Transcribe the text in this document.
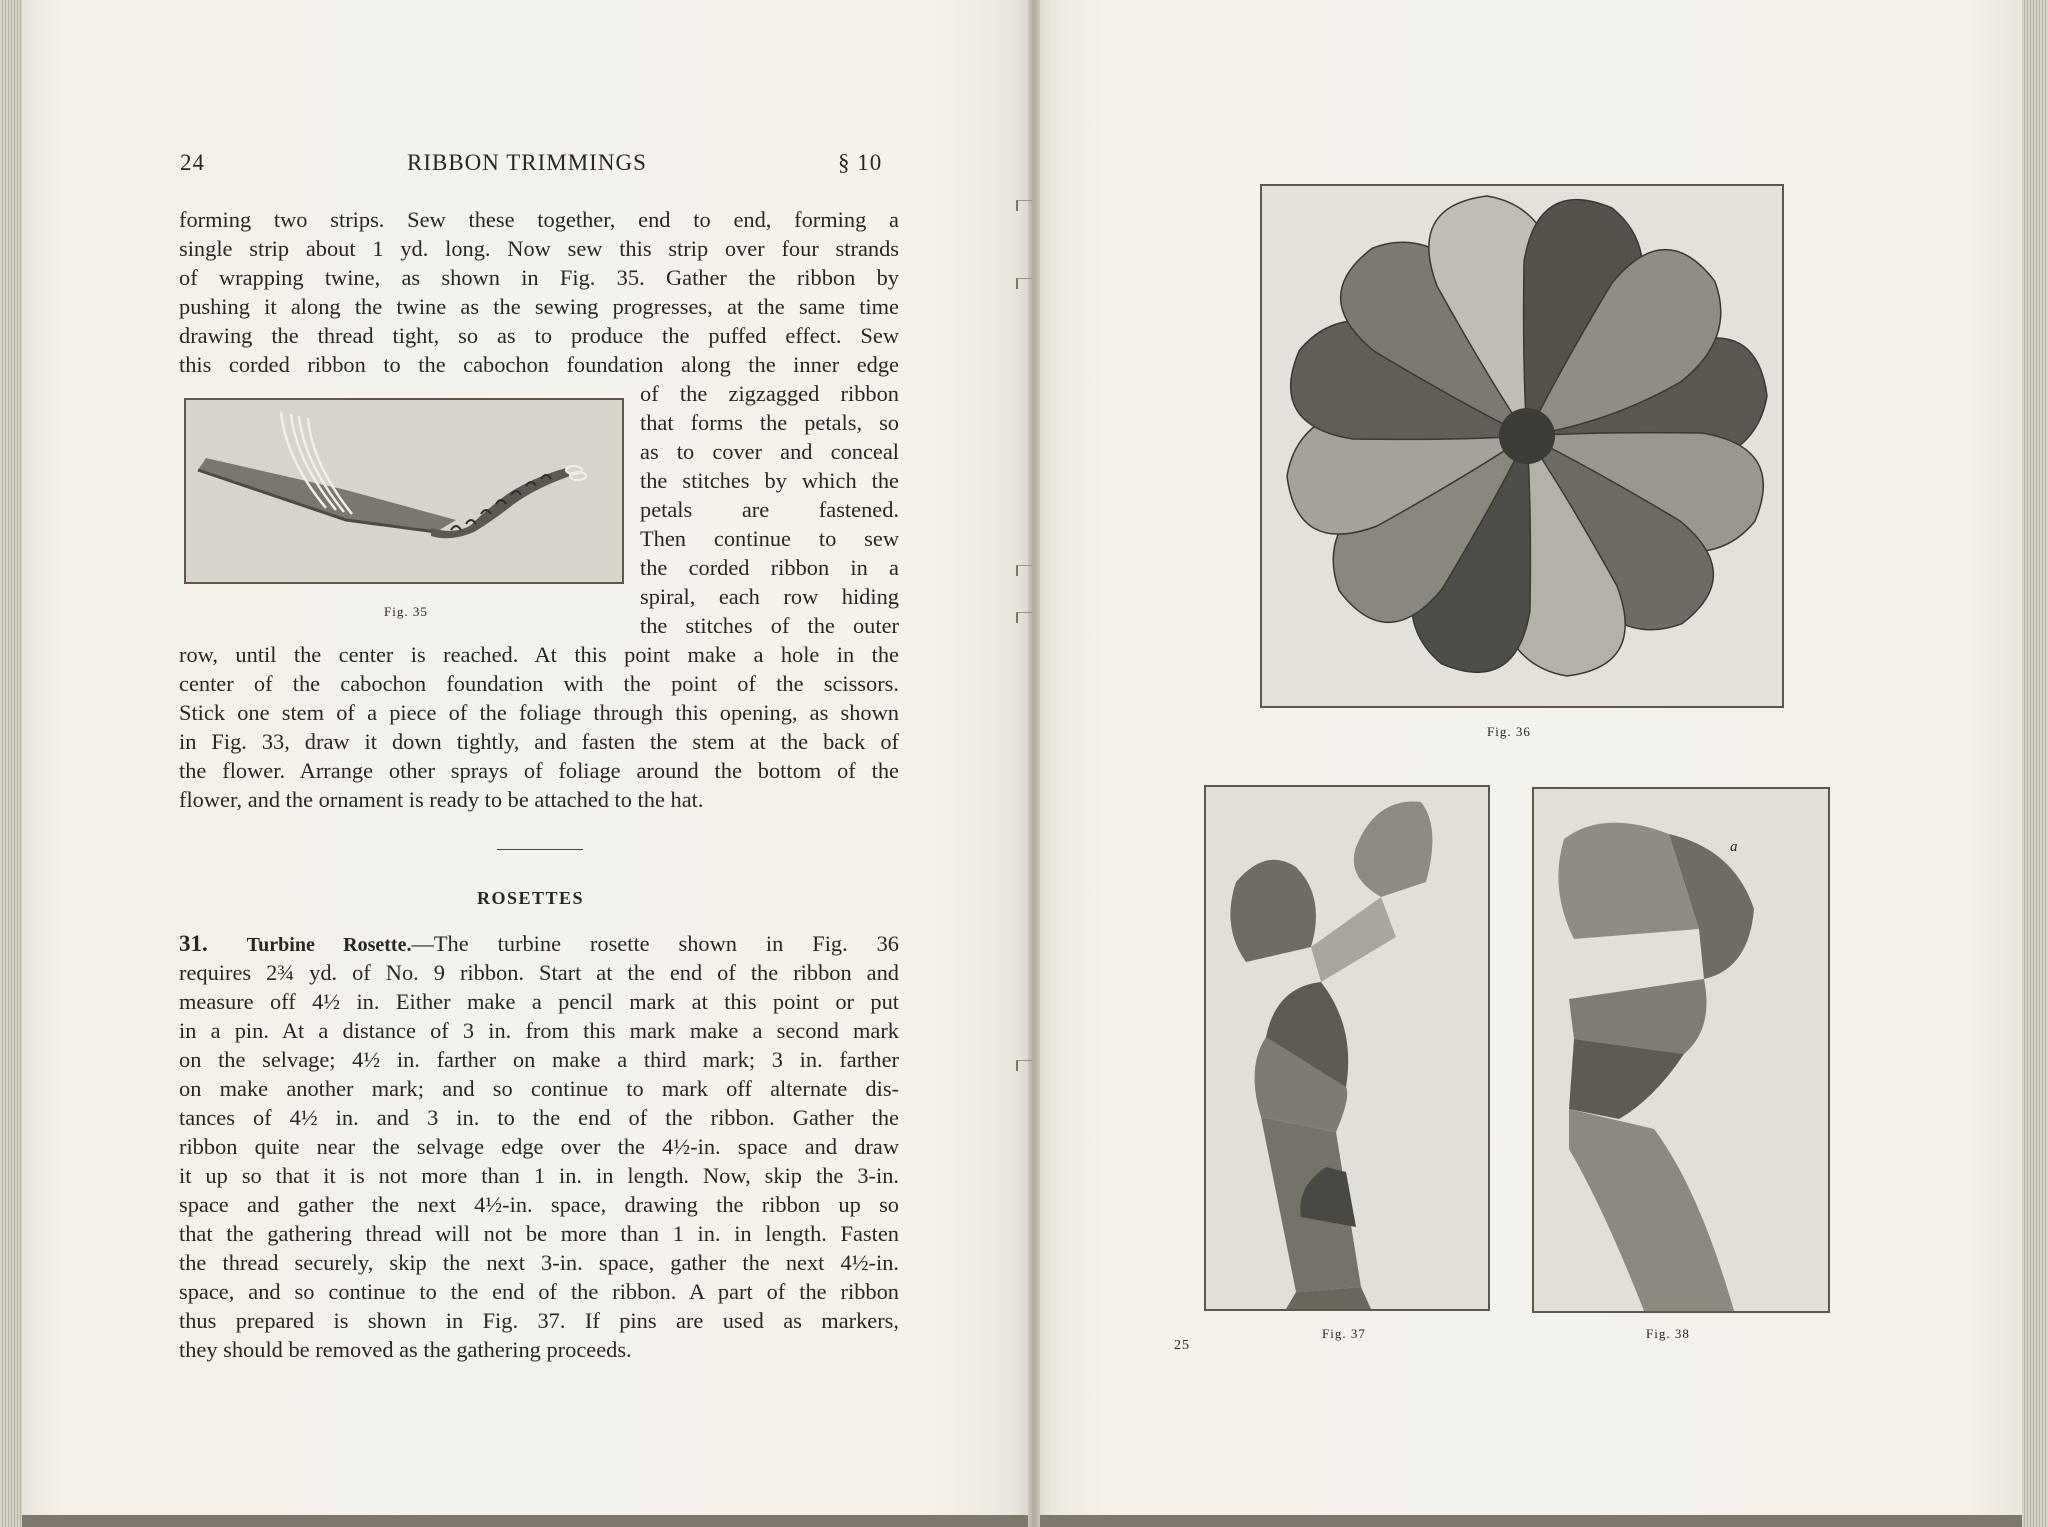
24	RIBBON TRIMMINGS	§ 10
forming two strips. Sew these together, end to end, forming a
single strip about 1 yd. long. Now sew this strip over four strands
of wrapping twine, as shown in Fig. 35. Gather the ribbon by
pushing it along the twine as the sewing progresses, at the same time
drawing the thread tight, so as to produce the puffed effect. Sew
this corded ribbon to the cabochon foundation along the inner edge
Fig. 35
of the zigzagged ribbon
that forms the petals, so
as to cover and conceal
the stitches by which the
petals are fastened.
Then continue to sew
the corded ribbon in a
spiral, each row hiding
the stitches of the outer
row, until the center is reached. At this point make a hole in the
center of the cabochon foundation with the point of the scissors.
Stick one stem of a piece of the foliage through this opening, as shown
in Fig. 33, draw it down tightly, and fasten the stem at the back of
the flower. Arrange other sprays of foliage around the bottom of the
flower, and the ornament is ready to be attached to the hat.
ROSETTES
31. Turbine Rosette.—The turbine rosette shown in Fig. 36
requires 2¾ yd. of No. 9 ribbon. Start at the end of the ribbon and
measure off 4½ in. Either make a pencil mark at this point or put
in a pin. At a distance of 3 in. from this mark make a second mark
on the selvage; 4½ in. farther on make a third mark; 3 in. farther
on make another mark; and so continue to mark off alternate dis-
tances of 4½ in. and 3 in. to the end of the ribbon. Gather the
ribbon quite near the selvage edge over the 4½-in. space and draw
it up so that it is not more than 1 in. in length. Now, skip the 3-in.
space and gather the next 4½-in. space, drawing the ribbon up so
that the gathering thread will not be more than 1 in. in length. Fasten
the thread securely, skip the next 3-in. space, gather the next 4½-in.
space, and so continue to the end of the ribbon. A part of the ribbon
thus prepared is shown in Fig. 37. If pins are used as markers,
they should be removed as the gathering proceeds.
Fig. 36
Fig. 37
a
Fig. 38
25
